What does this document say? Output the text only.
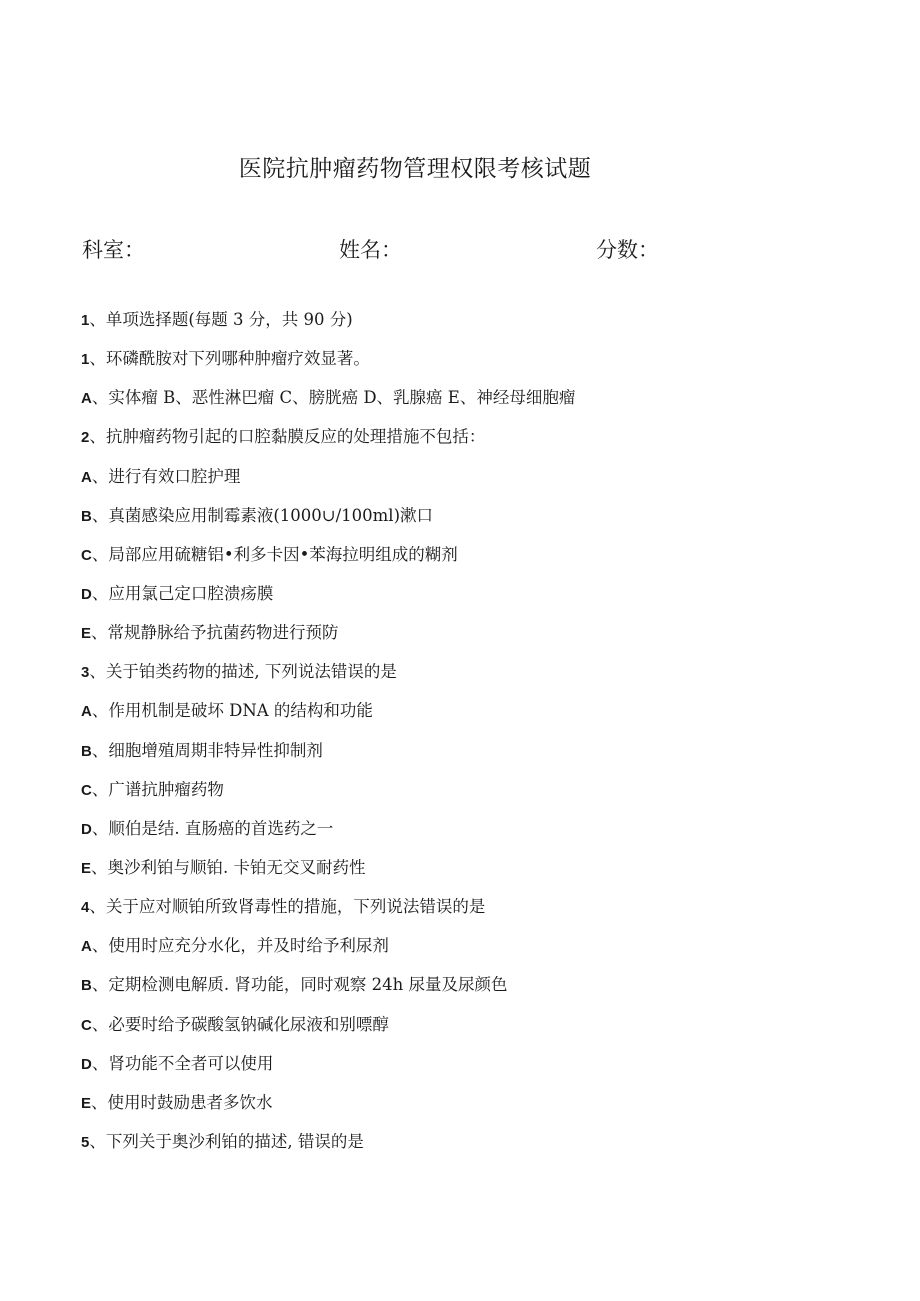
医院抗肿瘤药物管理权限考核试题
科室：	姓名：	分数：
1、单项选择题(每题 3 分，共 90 分)
1、环磷酰胺对下列哪种肿瘤疗效显著。
A、实体瘤 B、恶性淋巴瘤 C、膀胱癌 D、乳腺癌 E、神经母细胞瘤
2、抗肿瘤药物引起的口腔黏膜反应的处理措施不包括：
A、进行有效口腔护理
B、真菌感染应用制霉素液(1000∪/100ml)漱口
C、局部应用硫糖铝•利多卡因•苯海拉明组成的糊剂
D、应用氯己定口腔溃疡膜
E、常规静脉给予抗菌药物进行预防
3、关于铂类药物的描述, 下列说法错误的是
A、作用机制是破坏 DNA 的结构和功能
B、细胞增殖周期非特异性抑制剂
C、广谱抗肿瘤药物
D、顺伯是结. 直肠癌的首选药之一
E、奥沙利铂与顺铂. 卡铂无交叉耐药性
4、关于应对顺铂所致肾毒性的措施，下列说法错误的是
A、使用时应充分水化，并及时给予利尿剂
B、定期检测电解质. 肾功能，同时观察 24h 尿量及尿颜色
C、必要时给予碳酸氢钠碱化尿液和别嘌醇
D、肾功能不全者可以使用
E、使用时鼓励患者多饮水
5、下列关于奥沙利铂的描述, 错误的是
